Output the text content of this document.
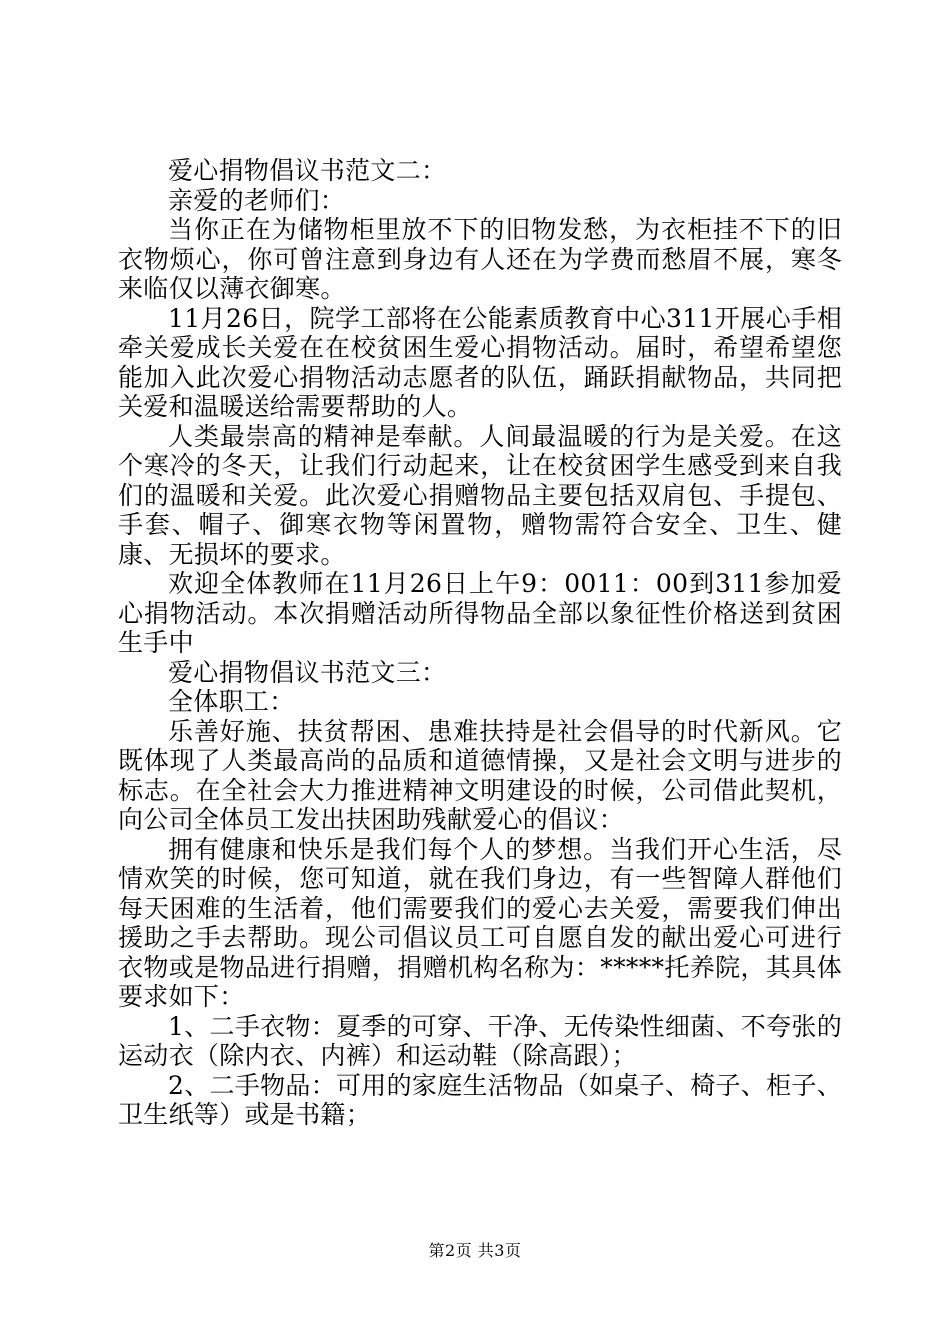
爱心捐物倡议书范文二：

亲爱的老师们：

当你正在为储物柜里放不下的旧物发愁，为衣柜挂不下的旧衣物烦心，你可曾注意到身边有人还在为学费而愁眉不展，寒冬来临仅以薄衣御寒。

11月26日，院学工部将在公能素质教育中心311开展心手相牵关爱成长关爱在在校贫困生爱心捐物活动。届时，希望希望您能加入此次爱心捐物活动志愿者的队伍，踊跃捐献物品，共同把关爱和温暖送给需要帮助的人。

人类最崇高的精神是奉献。人间最温暖的行为是关爱。在这个寒冷的冬天，让我们行动起来，让在校贫困学生感受到来自我们的温暖和关爱。此次爱心捐赠物品主要包括双肩包、手提包、手套、帽子、御寒衣物等闲置物，赠物需符合安全、卫生、健康、无损坏的要求。

欢迎全体教师在11月26日上午9：0011：00到311参加爱心捐物活动。本次捐赠活动所得物品全部以象征性价格送到贫困生手中

爱心捐物倡议书范文三：

全体职工：

乐善好施、扶贫帮困、患难扶持是社会倡导的时代新风。它既体现了人类最高尚的品质和道德情操，又是社会文明与进步的标志。在全社会大力推进精神文明建设的时候，公司借此契机，向公司全体员工发出扶困助残献爱心的倡议：

拥有健康和快乐是我们每个人的梦想。当我们开心生活，尽情欢笑的时候，您可知道，就在我们身边，有一些智障人群他们每天困难的生活着，他们需要我们的爱心去关爱，需要我们伸出援助之手去帮助。现公司倡议员工可自愿自发的献出爱心可进行衣物或是物品进行捐赠，捐赠机构名称为：*****托养院，其具体要求如下：

1、二手衣物：夏季的可穿、干净、无传染性细菌、不夸张的运动衣（除内衣、内裤）和运动鞋（除高跟）；

2、二手物品：可用的家庭生活物品（如桌子、椅子、柜子、卫生纸等）或是书籍；

第2页 共3页
